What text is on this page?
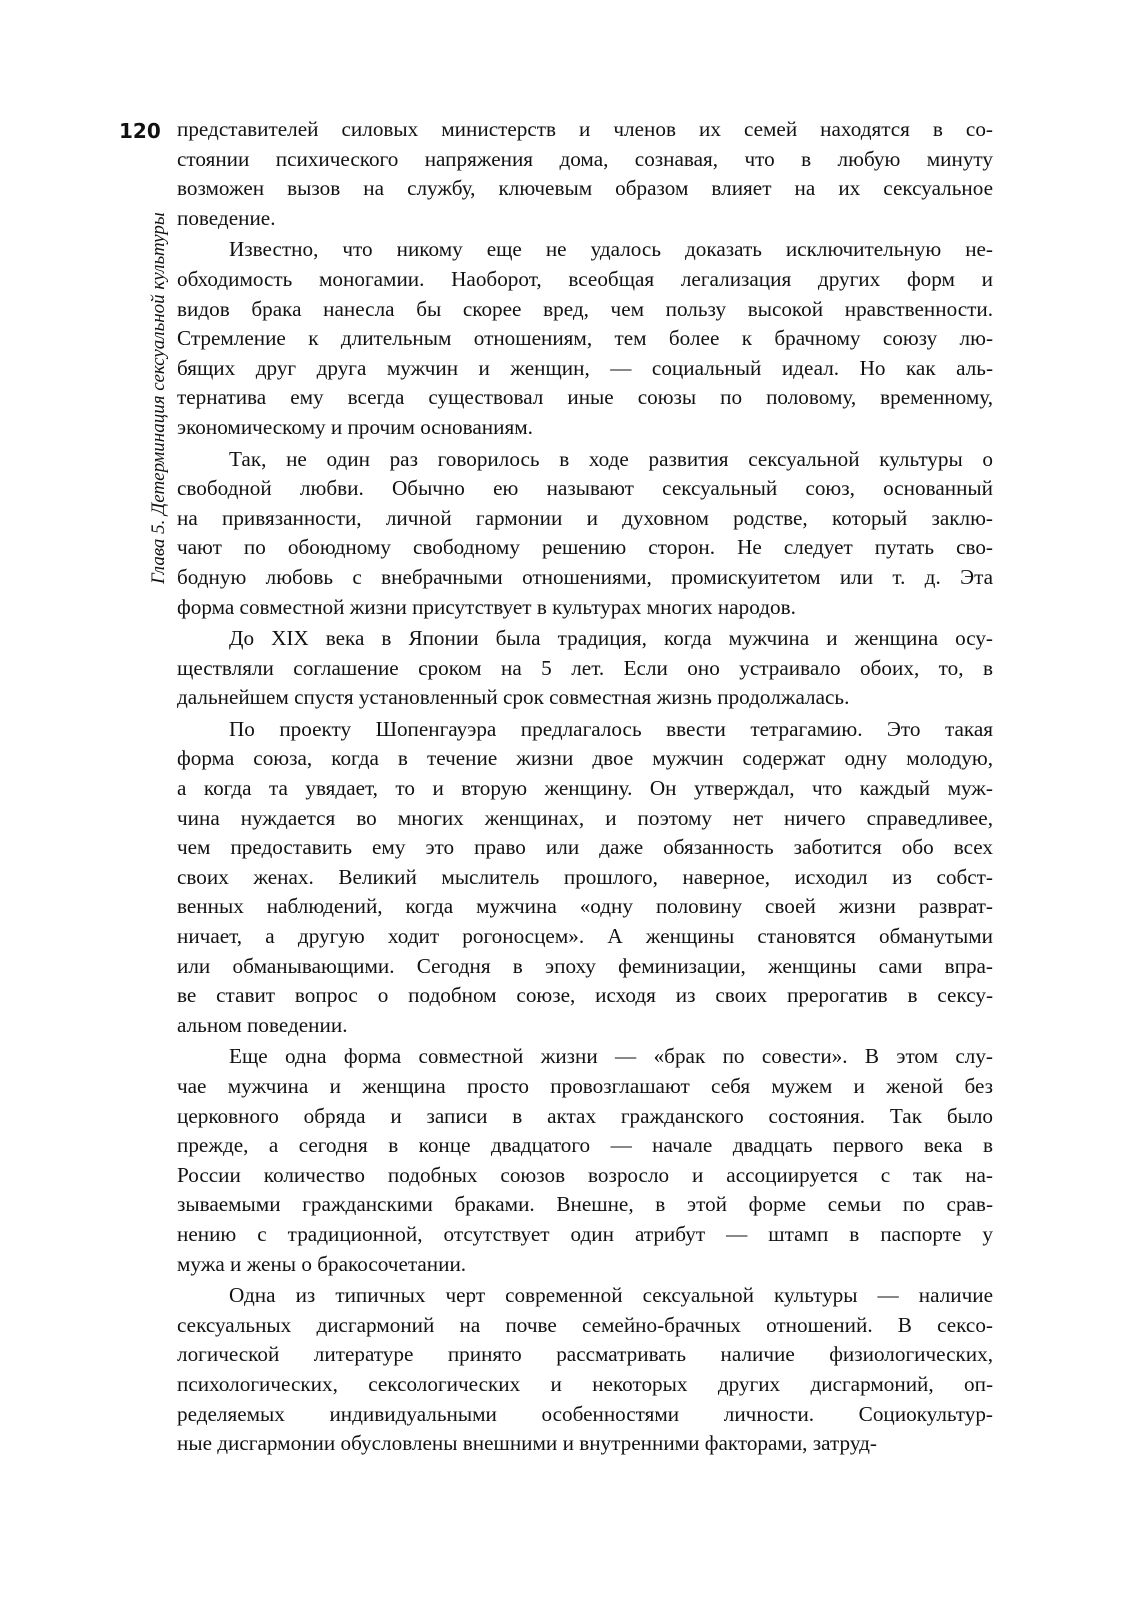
120
Глава 5. Детерминация сексуальной культуры
представителей силовых министерств и членов их семей находятся в со-
стоянии психического напряжения дома, сознавая, что в любую минуту
возможен вызов на службу, ключевым образом влияет на их сексуальное
поведение.
Известно, что никому еще не удалось доказать исключительную не-
обходимость моногамии. Наоборот, всеобщая легализация других форм и
видов брака нанесла бы скорее вред, чем пользу высокой нравственности.
Стремление к длительным отношениям, тем более к брачному союзу лю-
бящих друг друга мужчин и женщин, — социальный идеал. Но как аль-
тернатива ему всегда существовал иные союзы по половому, временному,
экономическому и прочим основаниям.
Так, не один раз говорилось в ходе развития сексуальной культуры о
свободной любви. Обычно ею называют сексуальный союз, основанный
на привязанности, личной гармонии и духовном родстве, который заклю-
чают по обоюдному свободному решению сторон. Не следует путать сво-
бодную любовь с внебрачными отношениями, промискуитетом или т. д. Эта
форма совместной жизни присутствует в культурах многих народов.
До XIX века в Японии была традиция, когда мужчина и женщина осу-
ществляли соглашение сроком на 5 лет. Если оно устраивало обоих, то, в
дальнейшем спустя установленный срок совместная жизнь продолжалась.
По проекту Шопенгауэра предлагалось ввести тетрагамию. Это такая
форма союза, когда в течение жизни двое мужчин содержат одну молодую,
а когда та увядает, то и вторую женщину. Он утверждал, что каждый муж-
чина нуждается во многих женщинах, и поэтому нет ничего справедливее,
чем предоставить ему это право или даже обязанность заботится обо всех
своих женах. Великий мыслитель прошлого, наверное, исходил из собст-
венных наблюдений, когда мужчина «одну половину своей жизни разврат-
ничает, а другую ходит рогоносцем». А женщины становятся обманутыми
или обманывающими. Сегодня в эпоху феминизации, женщины сами впра-
ве ставит вопрос о подобном союзе, исходя из своих прерогатив в сексу-
альном поведении.
Еще одна форма совместной жизни — «брак по совести». В этом слу-
чае мужчина и женщина просто провозглашают себя мужем и женой без
церковного обряда и записи в актах гражданского состояния. Так было
прежде, а сегодня в конце двадцатого — начале двадцать первого века в
России количество подобных союзов возросло и ассоциируется с так на-
зываемыми гражданскими браками. Внешне, в этой форме семьи по срав-
нению с традиционной, отсутствует один атрибут — штамп в паспорте у
мужа и жены о бракосочетании.
Одна из типичных черт современной сексуальной культуры — наличие
сексуальных дисгармоний на почве семейно-брачных отношений. В сексо-
логической литературе принято рассматривать наличие физиологических,
психологических, сексологических и некоторых других дисгармоний, оп-
ределяемых индивидуальными особенностями личности. Социокультур-
ные дисгармонии обусловлены внешними и внутренними факторами, затруд-
